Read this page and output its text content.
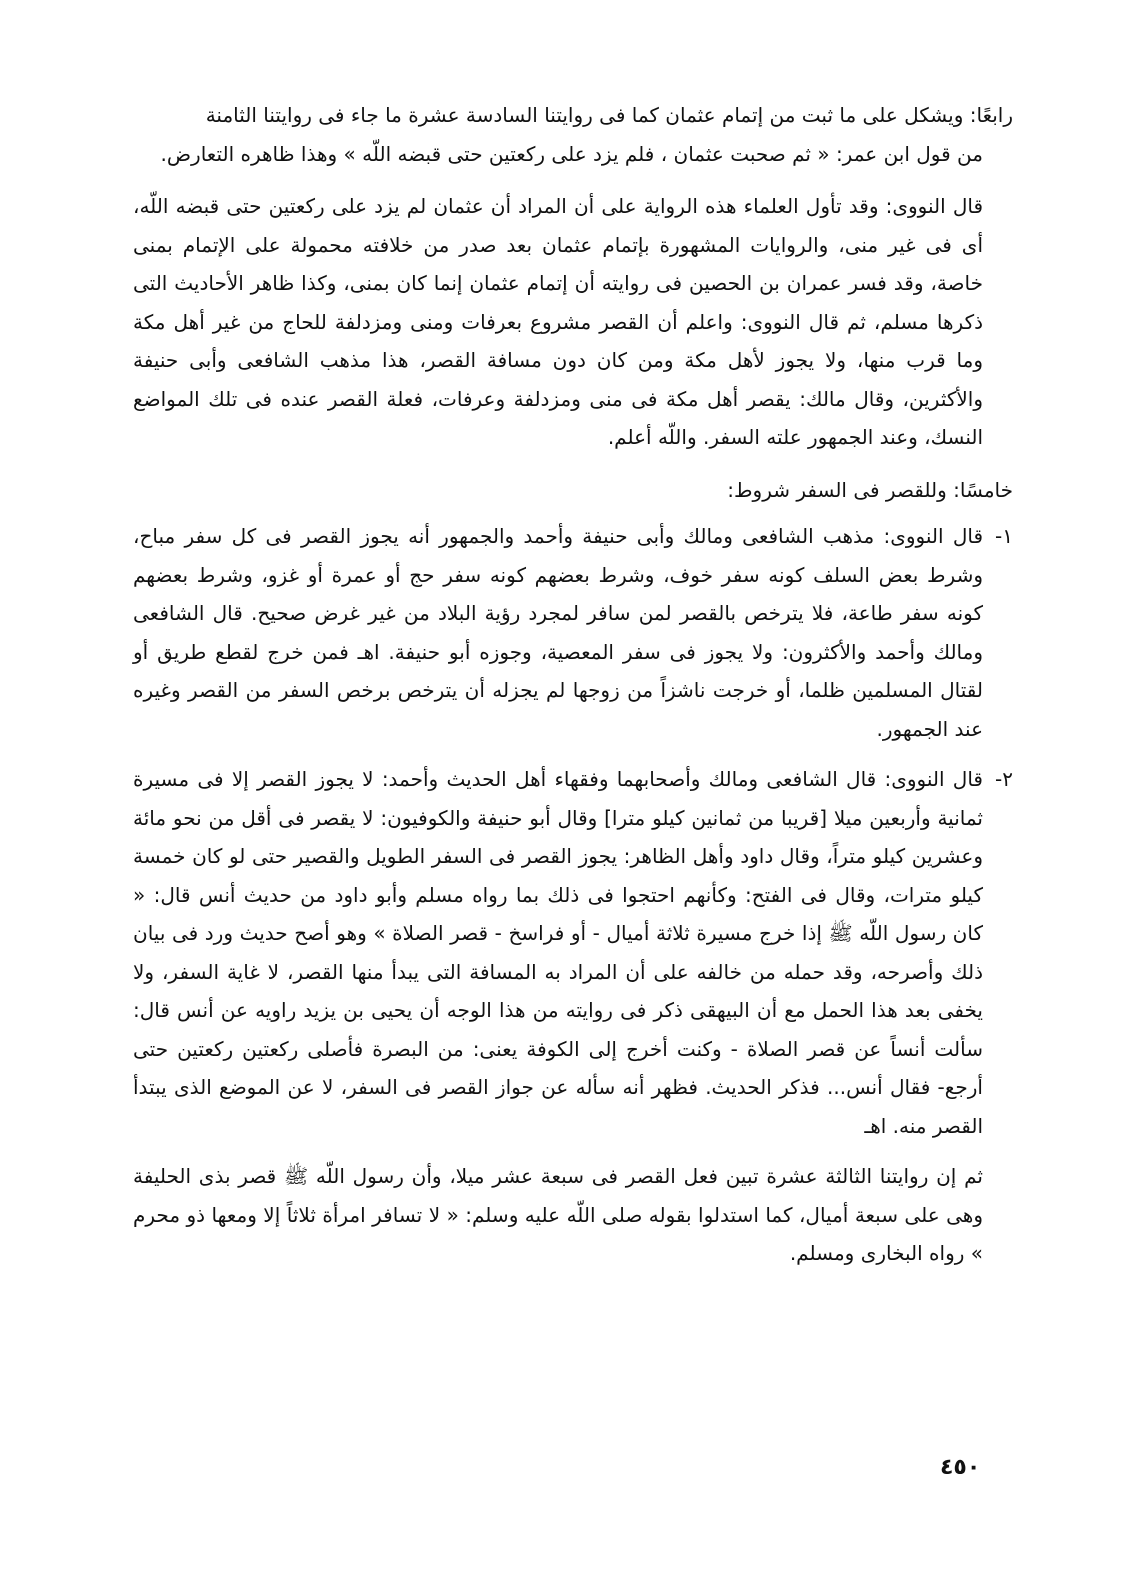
رابعًا: ويشكل على ما ثبت من إتمام عثمان كما فى روايتنا السادسة عشرة ما جاء فى روايتنا الثامنة
من قول ابن عمر: « ثم صحبت عثمان ، فلم يزد على ركعتين حتى قبضه اللّه » وهذا ظاهره التعارض.
قال النووى: وقد تأول العلماء هذه الرواية على أن المراد أن عثمان لم يزد على ركعتين حتى قبضه اللّه، أى فى غير منى، والروايات المشهورة بإتمام عثمان بعد صدر من خلافته محمولة على الإتمام بمنى خاصة، وقد فسر عمران بن الحصين فى روايته أن إتمام عثمان إنما كان بمنى، وكذا ظاهر الأحاديث التى ذكرها مسلم، ثم قال النووى: واعلم أن القصر مشروع بعرفات ومنى ومزدلفة للحاج من غير أهل مكة وما قرب منها، ولا يجوز لأهل مكة ومن كان دون مسافة القصر، هذا مذهب الشافعى وأبى حنيفة والأكثرين، وقال مالك: يقصر أهل مكة فى منى ومزدلفة وعرفات، فعلة القصر عنده فى تلك المواضع النسك، وعند الجمهور علته السفر. واللّه أعلم.
خامسًا: وللقصر فى السفر شروط:
١-
قال النووى: مذهب الشافعى ومالك وأبى حنيفة وأحمد والجمهور أنه يجوز القصر فى كل سفر مباح، وشرط بعض السلف كونه سفر خوف، وشرط بعضهم كونه سفر حج أو عمرة أو غزو، وشرط بعضهم كونه سفر طاعة، فلا يترخص بالقصر لمن سافر لمجرد رؤية البلاد من غير غرض صحيح. قال الشافعى ومالك وأحمد والأكثرون: ولا يجوز فى سفر المعصية، وجوزه أبو حنيفة. اهـ فمن خرج لقطع طريق أو لقتال المسلمين ظلما، أو خرجت ناشزاً من زوجها لم يجزله أن يترخص برخص السفر من القصر وغيره عند الجمهور.
٢-
قال النووى: قال الشافعى ومالك وأصحابهما وفقهاء أهل الحديث وأحمد: لا يجوز القصر إلا فى مسيرة ثمانية وأربعين ميلا [قريبا من ثمانين كيلو مترا] وقال أبو حنيفة والكوفيون: لا يقصر فى أقل من نحو مائة وعشرين كيلو متراً، وقال داود وأهل الظاهر: يجوز القصر فى السفر الطويل والقصير حتى لو كان خمسة كيلو مترات، وقال فى الفتح: وكأنهم احتجوا فى ذلك بما رواه مسلم وأبو داود من حديث أنس قال: « كان رسول اللّه ﷺ إذا خرج مسيرة ثلاثة أميال - أو فراسخ - قصر الصلاة » وهو أصح حديث ورد فى بيان ذلك وأصرحه، وقد حمله من خالفه على أن المراد به المسافة التى يبدأ منها القصر، لا غاية السفر، ولا يخفى بعد هذا الحمل مع أن البيهقى ذكر فى روايته من هذا الوجه أن يحيى بن يزيد راويه عن أنس قال: سألت أنساً عن قصر الصلاة - وكنت أخرج إلى الكوفة يعنى: من البصرة فأصلى ركعتين ركعتين حتى أرجع- فقال أنس... فذكر الحديث. فظهر أنه سأله عن جواز القصر فى السفر، لا عن الموضع الذى يبتدأ القصر منه. اهـ
ثم إن روايتنا الثالثة عشرة تبين فعل القصر فى سبعة عشر ميلا، وأن رسول اللّه ﷺ قصر بذى الحليفة وهى على سبعة أميال، كما استدلوا بقوله صلى اللّه عليه وسلم: « لا تسافر امرأة ثلاثاً إلا ومعها ذو محرم » رواه البخارى ومسلم.
٤٥٠
